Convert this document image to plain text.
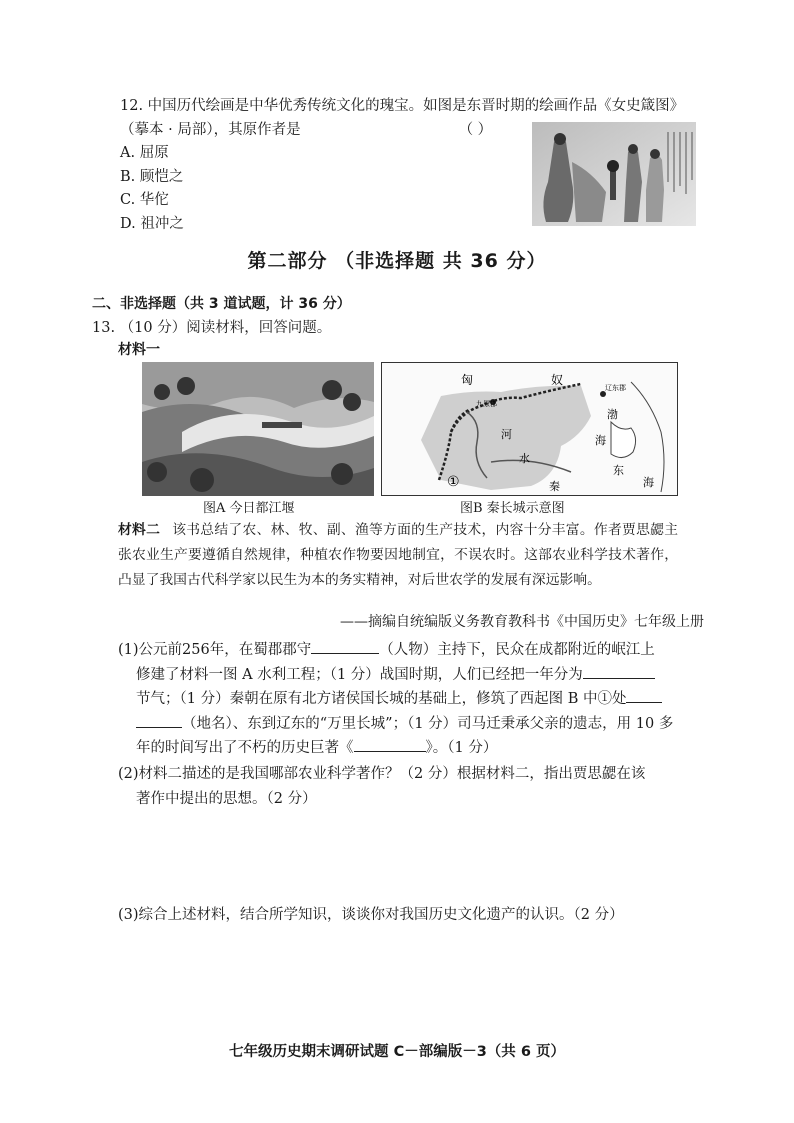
12. 中国历代绘画是中华优秀传统文化的瑰宝。如图是东晋时期的绘画作品《女史箴图》
（摹本 · 局部），其原作者是	（ ）
A. 屈原
B. 顾恺之
C. 华佗
D. 祖冲之
第二部分 （非选择题 共 36 分）
二、非选择题（共 3 道试题，计 36 分）
13. （10 分）阅读材料，回答问题。
材料一
匈	奴
九原郡
辽东郡
渤
海
河
水
秦
东
海
①
图A 今日都江堰	图B 秦长城示意图
材料二 该书总结了农、林、牧、副、渔等方面的生产技术，内容十分丰富。作者贾思勰主张农业生产要遵循自然规律，种植农作物要因地制宜，不误农时。这部农业科学技术著作，凸显了我国古代科学家以民生为本的务实精神，对后世农学的发展有深远影响。
——摘编自统编版义务教育教科书《中国历史》七年级上册
(1)公元前256年，在蜀郡郡守	（人物）主持下，民众在成都附近的岷江上
修建了材料一图 A 水利工程；（1 分）战国时期，人们已经把一年分为
节气；（1 分）秦朝在原有北方诸侯国长城的基础上，修筑了西起图 B 中①处
（地名）、东到辽东的“万里长城”；（1 分）司马迁秉承父亲的遗志，用 10 多
年的时间写出了不朽的历史巨著《	》。（1 分）
(2)材料二描述的是我国哪部农业科学著作？（2 分）根据材料二，指出贾思勰在该
著作中提出的思想。（2 分）
(3)综合上述材料，结合所学知识，谈谈你对我国历史文化遗产的认识。（2 分）
七年级历史期末调研试题 C－部编版－3（共 6 页）
